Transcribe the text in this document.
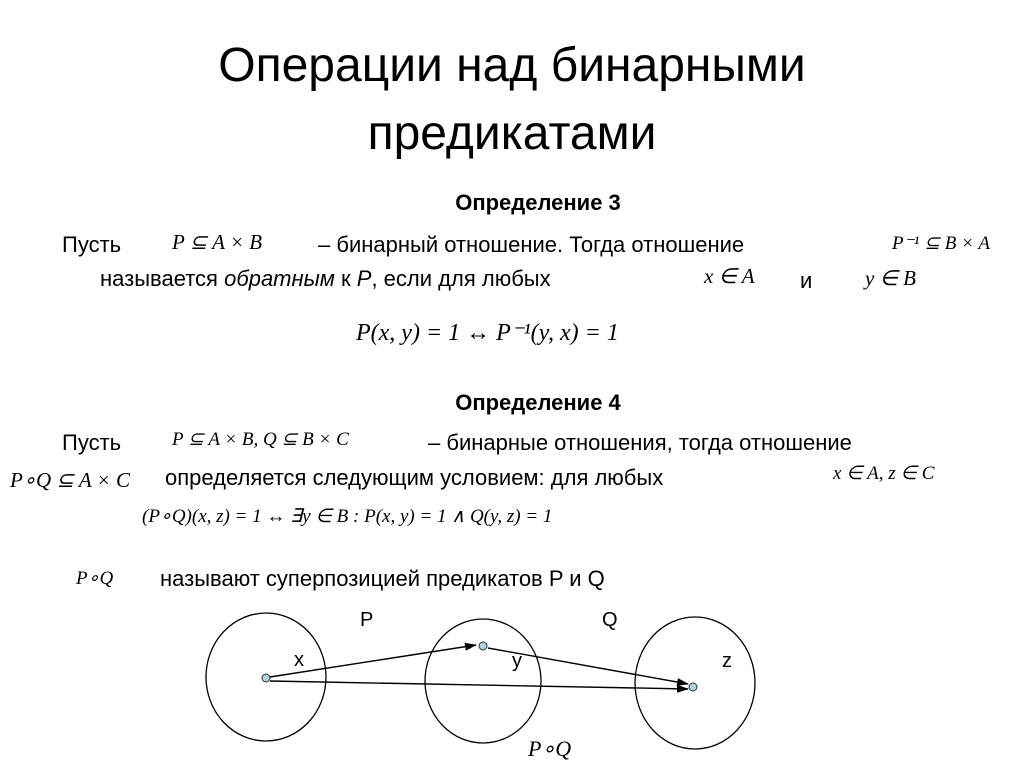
Операции над бинарными
предикатами
Определение 3
Пусть P ⊆ A × B	– бинарный отношение. Тогда отношение	P⁻¹ ⊆ B × A
называется обратным к P, если для любых	x ∈ A и	y ∈ B
P(x, y) = 1 ↔ P⁻¹(y, x) = 1
Определение 4
Пусть	P ⊆ A × B, Q ⊆ B × C	– бинарные отношения, тогда отношение
P∘Q ⊆ A × C определяется следующим условием: для любых	x ∈ A, z ∈ C
(P∘Q)(x, z) = 1 ↔ ∃y ∈ B : P(x, y) = 1 ∧ Q(y, z) = 1
P∘Q называют суперпозицией предикатов P и Q
P	Q
x	y	z
P∘Q
